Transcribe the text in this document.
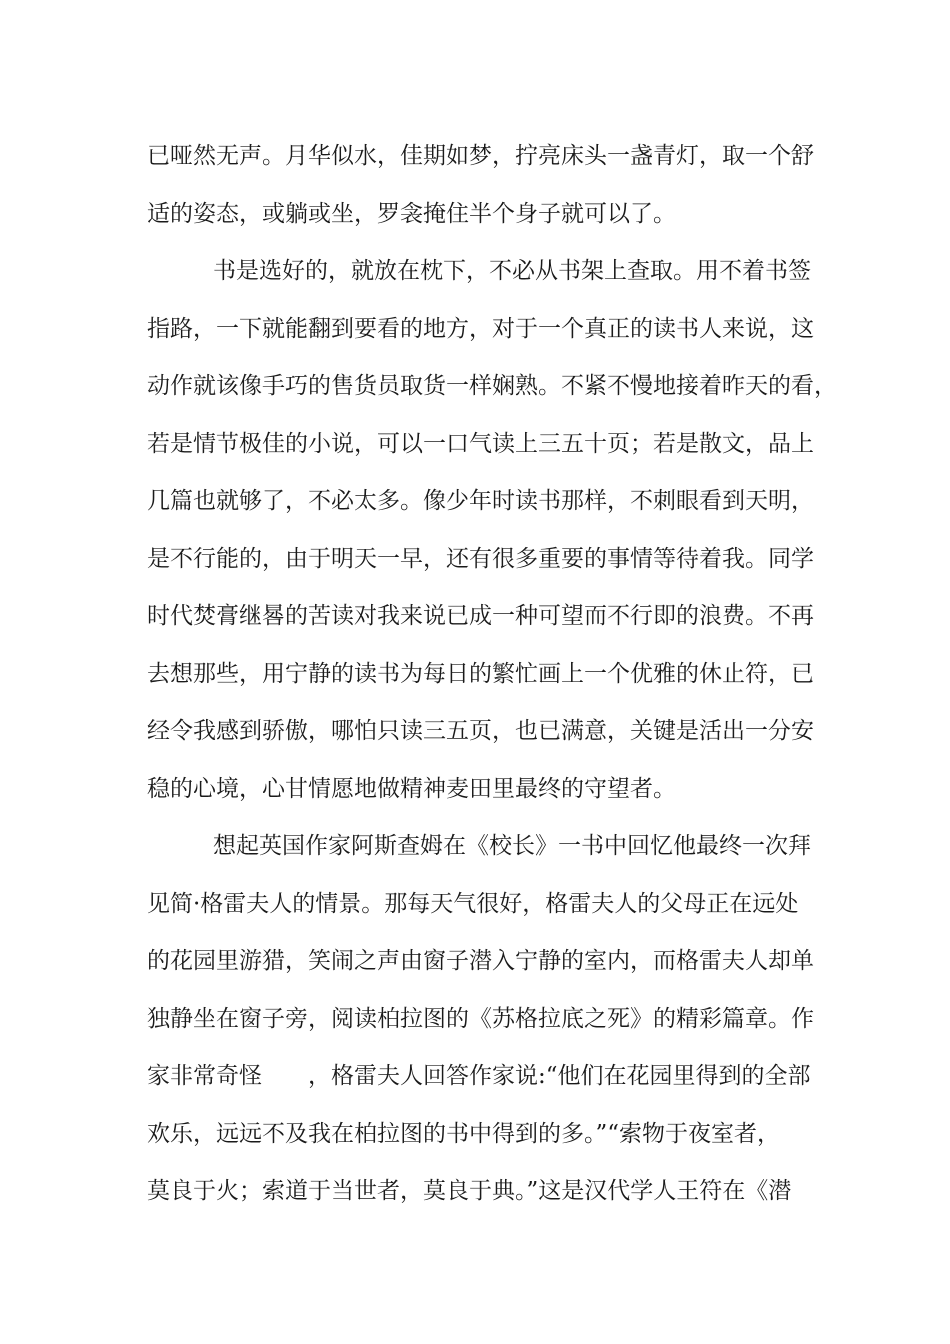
已哑然无声。月华似水，佳期如梦，拧亮床头一盏青灯，取一个舒
适的姿态，或躺或坐，罗衾掩住半个身子就可以了。
书是选好的，就放在枕下，不必从书架上查取。用不着书签
指路，一下就能翻到要看的地方，对于一个真正的读书人来说，这
动作就该像手巧的售货员取货一样娴熟。不紧不慢地接着昨天的看，
若是情节极佳的小说，可以一口气读上三五十页；若是散文，品上
几篇也就够了，不必太多。像少年时读书那样，不刺眼看到天明，
是不行能的，由于明天一早，还有很多重要的事情等待着我。同学
时代焚膏继晷的苦读对我来说已成一种可望而不行即的浪费。不再
去想那些，用宁静的读书为每日的繁忙画上一个优雅的休止符，已
经令我感到骄傲，哪怕只读三五页，也已满意，关键是活出一分安
稳的心境，心甘情愿地做精神麦田里最终的守望者。
想起英国作家阿斯查姆在《校长》一书中回忆他最终一次拜
见简·格雷夫人的情景。那每天气很好，格雷夫人的父母正在远处
的花园里游猎，笑闹之声由窗子潜入宁静的室内，而格雷夫人却单
独静坐在窗子旁，阅读柏拉图的《苏格拉底之死》的精彩篇章。作
家非常奇怪　　，格雷夫人回答作家说:“他们在花园里得到的全部
欢乐，远远不及我在柏拉图的书中得到的多。”“索物于夜室者，
莫良于火；索道于当世者，莫良于典。”这是汉代学人王符在《潜
